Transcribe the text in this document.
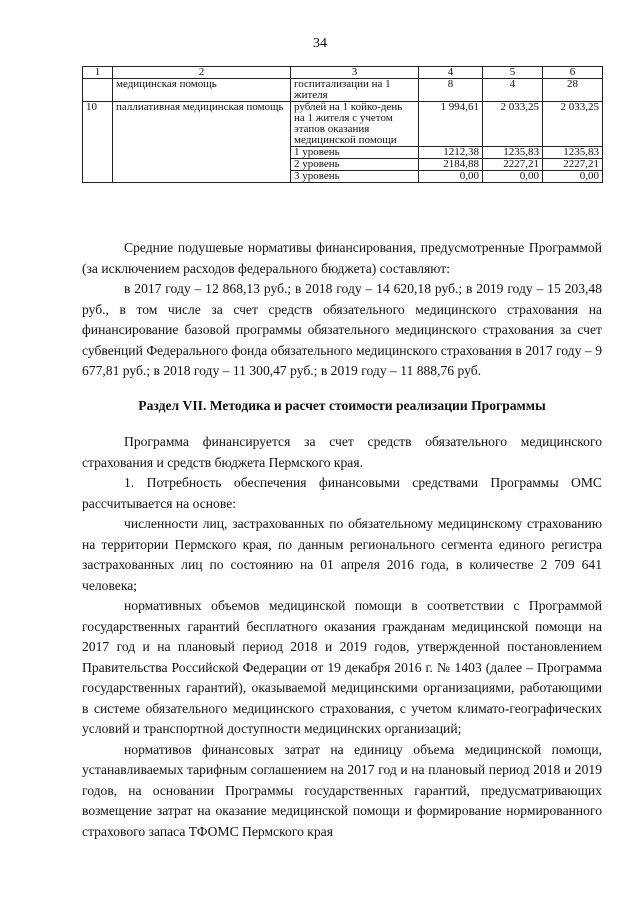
34
1	2	3	4	5	6
	медицинская помощь	госпитализации на 1 жителя	8	4	28
10	паллиативная медицинская помощь	рублей на 1 койко-день на 1 жителя с учетом этапов оказания медицинской помощи	1 994,61	2 033,25	2 033,25
		1 уровень	1212,38	1235,83	1235,83
		2 уровень	2184,88	2227,21	2227,21
		3 уровень	0,00	0,00	0,00

Средние подушевые нормативы финансирования, предусмотренные Программой (за исключением расходов федерального бюджета) составляют:

в 2017 году – 12 868,13 руб.; в 2018 году – 14 620,18 руб.; в 2019 году – 15 203,48 руб., в том числе за счет средств обязательного медицинского страхования на финансирование базовой программы обязательного медицинского страхования за счет субвенций Федерального фонда обязательного медицинского страхования в 2017 году – 9 677,81 руб.; в 2018 году – 11 300,47 руб.; в 2019 году – 11 888,76 руб.

Раздел VII. Методика и расчет стоимости реализации Программы

Программа финансируется за счет средств обязательного медицинского страхования и средств бюджета Пермского края.

1. Потребность обеспечения финансовыми средствами Программы ОМС рассчитывается на основе:

численности лиц, застрахованных по обязательному медицинскому страхованию на территории Пермского края, по данным регионального сегмента единого регистра застрахованных лиц по состоянию на 01 апреля 2016 года, в количестве 2 709 641 человека;

нормативных объемов медицинской помощи в соответствии с Программой государственных гарантий бесплатного оказания гражданам медицинской помощи на 2017 год и на плановый период 2018 и 2019 годов, утвержденной постановлением Правительства Российской Федерации от 19 декабря 2016 г. № 1403 (далее – Программа государственных гарантий), оказываемой медицинскими организациями, работающими в системе обязательного медицинского страхования, с учетом климато-географических условий и транспортной доступности медицинских организаций;

нормативов финансовых затрат на единицу объема медицинской помощи, устанавливаемых тарифным соглашением на 2017 год и на плановый период 2018 и 2019 годов, на основании Программы государственных гарантий, предусматривающих возмещение затрат на оказание медицинской помощи и формирование нормированного страхового запаса ТФОМС Пермского края
